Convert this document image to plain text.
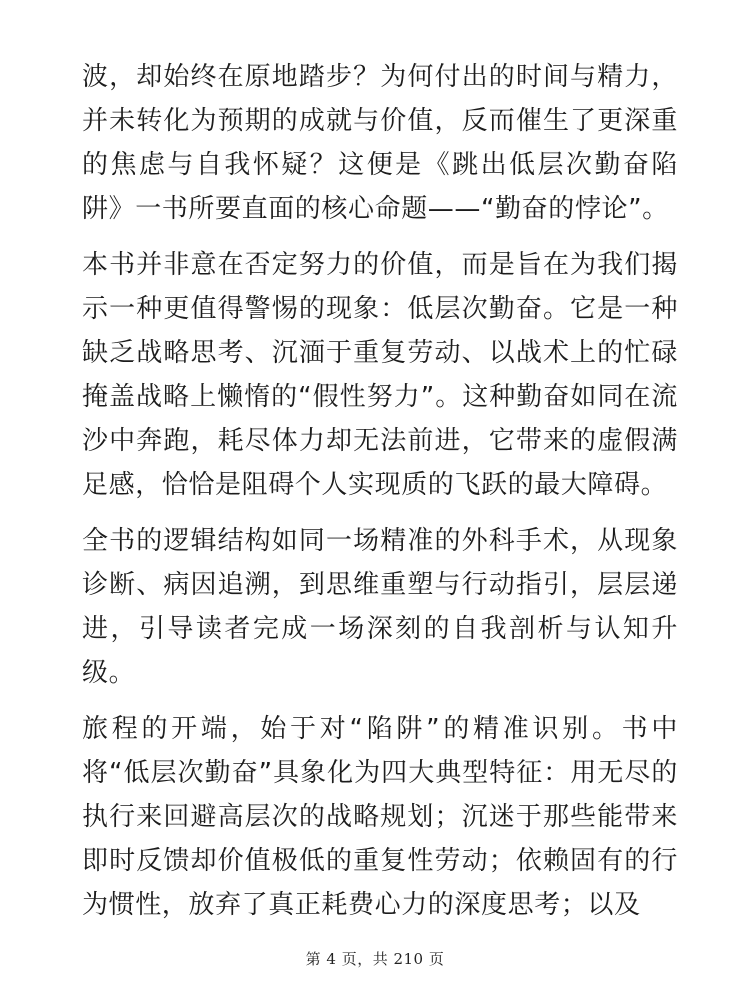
波，却始终在原地踏步？为何付出的时间与精力，并未转化为预期的成就与价值，反而催生了更深重的焦虑与自我怀疑？这便是《跳出低层次勤奋陷阱》一书所要直面的核心命题——“勤奋的悖论”。

本书并非意在否定努力的价值，而是旨在为我们揭示一种更值得警惕的现象：低层次勤奋。它是一种缺乏战略思考、沉湎于重复劳动、以战术上的忙碌掩盖战略上懒惰的“假性努力”。这种勤奋如同在流沙中奔跑，耗尽体力却无法前进，它带来的虚假满足感，恰恰是阻碍个人实现质的飞跃的最大障碍。

全书的逻辑结构如同一场精准的外科手术，从现象诊断、病因追溯，到思维重塑与行动指引，层层递进，引导读者完成一场深刻的自我剖析与认知升级。

旅程的开端，始于对“陷阱”的精准识别。书中将“低层次勤奋”具象化为四大典型特征：用无尽的执行来回避高层次的战略规划；沉迷于那些能带来即时反馈却价值极低的重复性劳动；依赖固有的行为惯性，放弃了真正耗费心力的深度思考；以及

第 4 页，共 210 页
